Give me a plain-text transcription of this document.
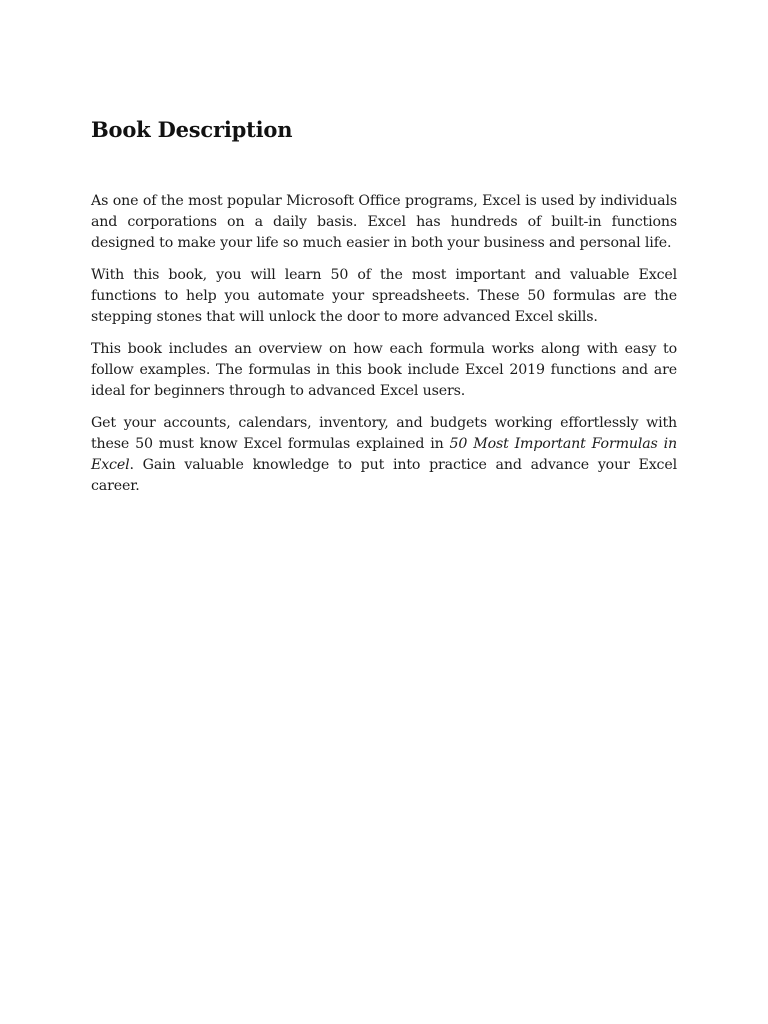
Book Description

As one of the most popular Microsoft Office programs, Excel is used by individuals and corporations on a daily basis. Excel has hundreds of built-in functions designed to make your life so much easier in both your business and personal life.

With this book, you will learn 50 of the most important and valuable Excel functions to help you automate your spreadsheets. These 50 formulas are the stepping stones that will unlock the door to more advanced Excel skills.

This book includes an overview on how each formula works along with easy to follow examples. The formulas in this book include Excel 2019 functions and are ideal for beginners through to advanced Excel users.

Get your accounts, calendars, inventory, and budgets working effortlessly with these 50 must know Excel formulas explained in 50 Most Important Formulas in Excel. Gain valuable knowledge to put into practice and advance your Excel career.
